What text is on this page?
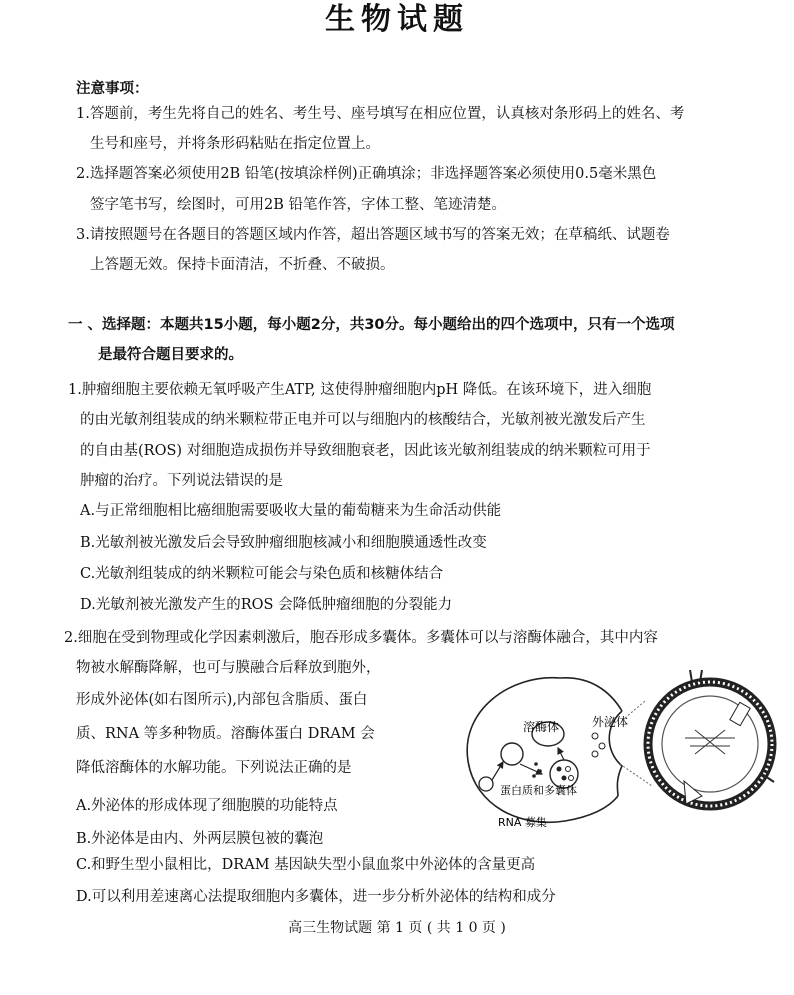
生物试题
注意事项：
1.答题前，考生先将自己的姓名、考生号、座号填写在相应位置，认真核对条形码上的姓名、考
生号和座号，并将条形码粘贴在指定位置上。
2.选择题答案必须使用2B 铅笔(按填涂样例)正确填涂；非选择题答案必须使用0.5毫米黑色
签字笔书写，绘图时，可用2B 铅笔作答，字体工整、笔迹清楚。
3.请按照题号在各题目的答题区域内作答，超出答题区域书写的答案无效；在草稿纸、试题卷
上答题无效。保持卡面清洁，不折叠、不破损。
一 、选择题：本题共15小题，每小题2分，共30分。每小题给出的四个选项中，只有一个选项
是最符合题目要求的。
1.肿瘤细胞主要依赖无氧呼吸产生ATP, 这使得肿瘤细胞内pH 降低。在该环境下，进入细胞
的由光敏剂组装成的纳米颗粒带正电并可以与细胞内的核酸结合，光敏剂被光激发后产生
的自由基(ROS) 对细胞造成损伤并导致细胞衰老，因此该光敏剂组装成的纳米颗粒可用于
肿瘤的治疗。下列说法错误的是
A.与正常细胞相比癌细胞需要吸收大量的葡萄糖来为生命活动供能
B.光敏剂被光激发后会导致肿瘤细胞核减小和细胞膜通透性改变
C.光敏剂组装成的纳米颗粒可能会与染色质和核糖体结合
D.光敏剂被光激发产生的ROS 会降低肿瘤细胞的分裂能力
2.细胞在受到物理或化学因素刺激后，胞吞形成多囊体。多囊体可以与溶酶体融合，其中内容
物被水解酶降解，也可与膜融合后释放到胞外，
形成外泌体(如右图所示),内部包含脂质、蛋白
质、RNA 等多种物质。溶酶体蛋白 DRAM 会
降低溶酶体的水解功能。下列说法正确的是
A.外泌体的形成体现了细胞膜的功能特点
B.外泌体是由内、外两层膜包被的囊泡
C.和野生型小鼠相比，DRAM 基因缺失型小鼠血浆中外泌体的含量更高
D.可以利用差速离心法提取细胞内多囊体，进一步分析外泌体的结构和成分
溶酶体	外泌体
蛋白质和多囊体
RNA 募集
高三生物试题 第 1 页 ( 共 1 0 页 )
